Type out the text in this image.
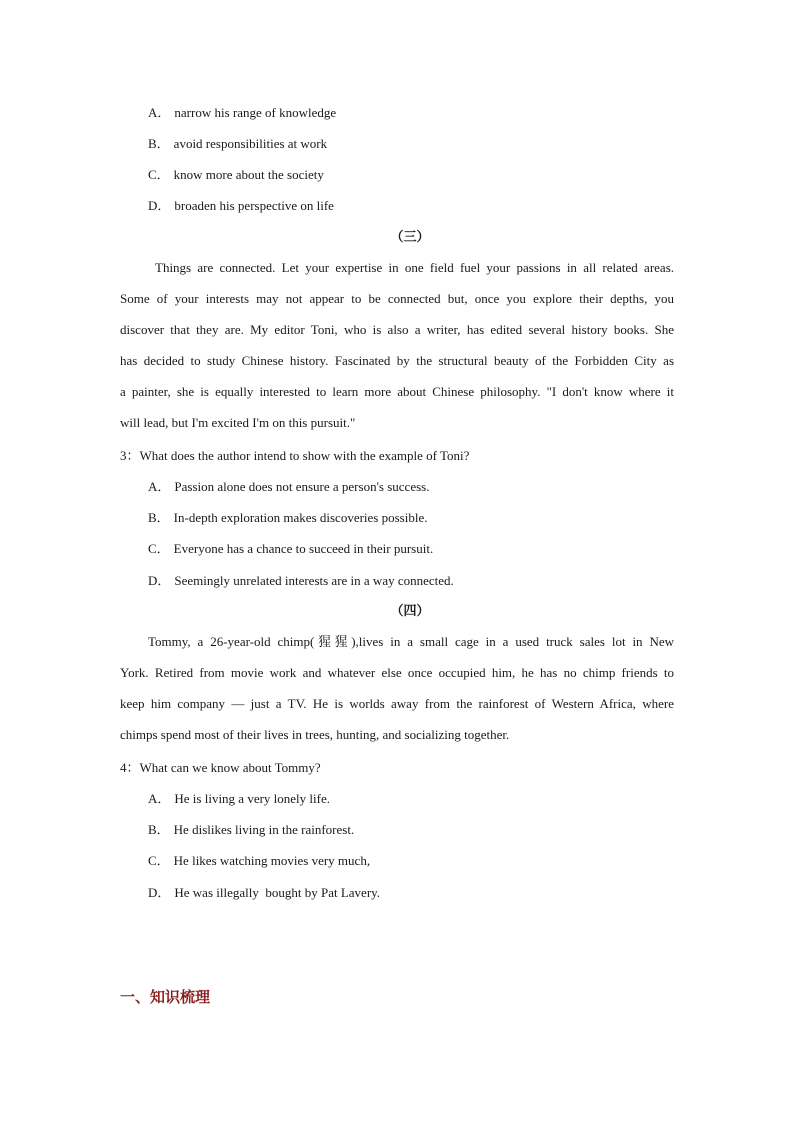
A． narrow his range of knowledge
B． avoid responsibilities at work
C． know more about the society
D． broaden his perspective on life
（三）
Things are connected. Let your expertise in one field fuel your passions in all related areas.
Some of your interests may not appear to be connected but, once you explore their depths, you
discover that they are. My editor Toni, who is also a writer, has edited several history books. She
has decided to study Chinese history. Fascinated by the structural beauty of the Forbidden City as
a painter, she is equally interested to learn more about Chinese philosophy. "I don't know where it
will lead, but I'm excited I'm on this pursuit."
3：What does the author intend to show with the example of Toni?
A． Passion alone does not ensure a person's success.
B． In-depth exploration makes discoveries possible.
C． Everyone has a chance to succeed in their pursuit.
D． Seemingly unrelated interests are in a way connected.
（四）
Tommy, a 26-year-old chimp(猩猩),lives in a small cage in a used truck sales lot in New
York. Retired from movie work and whatever else once occupied him, he has no chimp friends to
keep him company — just a TV. He is worlds away from the rainforest of Western Africa, where
chimps spend most of their lives in trees, hunting, and socializing together.
4：What can we know about Tommy?
A． He is living a very lonely life.
B． He dislikes living in the rainforest.
C． He likes watching movies very much,
D． He was illegally  bought by Pat Lavery.
一、知识梳理
